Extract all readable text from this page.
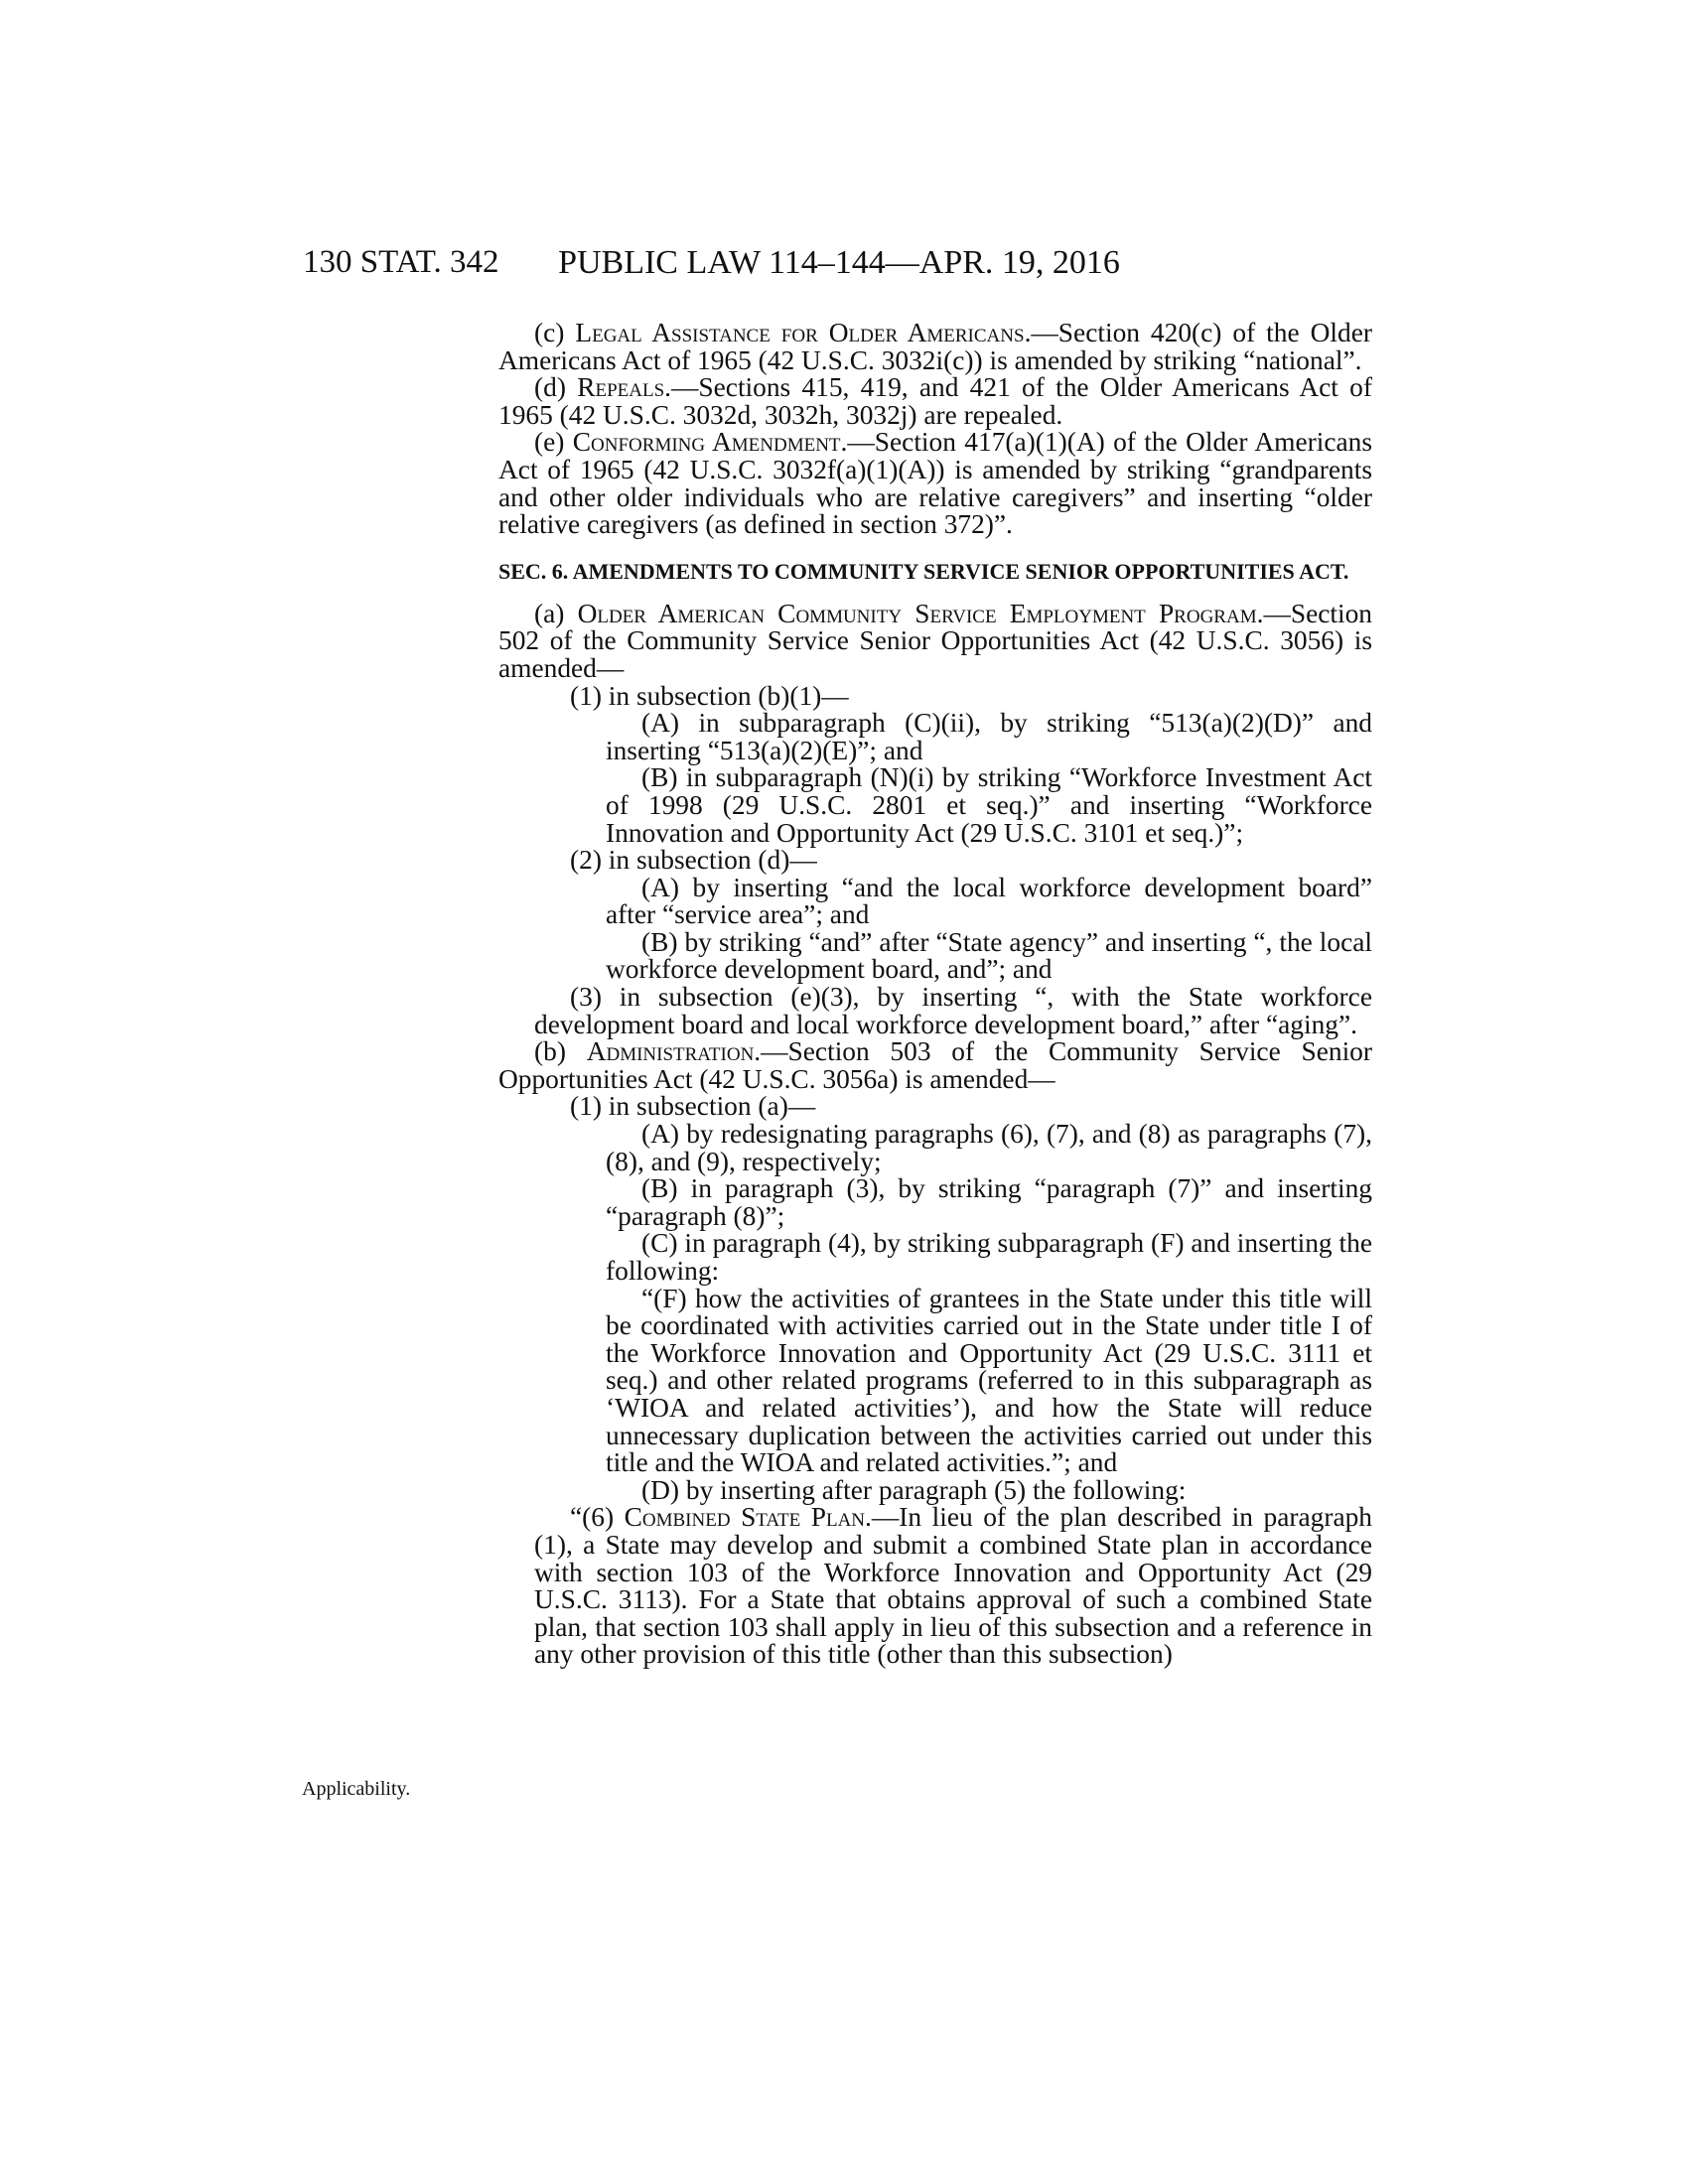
130 STAT. 342	PUBLIC LAW 114–144—APR. 19, 2016
Applicability.

(c) Legal Assistance for Older Americans.—Section 420(c) of the Older Americans Act of 1965 (42 U.S.C. 3032i(c)) is amended by striking “national”.

(d) Repeals.—Sections 415, 419, and 421 of the Older Americans Act of 1965 (42 U.S.C. 3032d, 3032h, 3032j) are repealed.

(e) Conforming Amendment.—Section 417(a)(1)(A) of the Older Americans Act of 1965 (42 U.S.C. 3032f(a)(1)(A)) is amended by striking “grandparents and other older individuals who are relative caregivers” and inserting “older relative caregivers (as defined in section 372)”.

SEC. 6. AMENDMENTS TO COMMUNITY SERVICE SENIOR OPPORTUNITIES ACT.

(a) Older American Community Service Employment Program.—Section 502 of the Community Service Senior Opportunities Act (42 U.S.C. 3056) is amended—

(1) in subsection (b)(1)—

(A) in subparagraph (C)(ii), by striking “513(a)(2)(D)” and inserting “513(a)(2)(E)”; and

(B) in subparagraph (N)(i) by striking “Workforce Investment Act of 1998 (29 U.S.C. 2801 et seq.)” and inserting “Workforce Innovation and Opportunity Act (29 U.S.C. 3101 et seq.)”;

(2) in subsection (d)—

(A) by inserting “and the local workforce development board” after “service area”; and

(B) by striking “and” after “State agency” and inserting “, the local workforce development board, and”; and

(3) in subsection (e)(3), by inserting “, with the State workforce development board and local workforce development board,” after “aging”.

(b) Administration.—Section 503 of the Community Service Senior Opportunities Act (42 U.S.C. 3056a) is amended—

(1) in subsection (a)—

(A) by redesignating paragraphs (6), (7), and (8) as paragraphs (7), (8), and (9), respectively;

(B) in paragraph (3), by striking “paragraph (7)” and inserting “paragraph (8)”;

(C) in paragraph (4), by striking subparagraph (F) and inserting the following:

“(F) how the activities of grantees in the State under this title will be coordinated with activities carried out in the State under title I of the Workforce Innovation and Opportunity Act (29 U.S.C. 3111 et seq.) and other related programs (referred to in this subparagraph as ‘WIOA and related activities’), and how the State will reduce unnecessary duplication between the activities carried out under this title and the WIOA and related activities.”; and

(D) by inserting after paragraph (5) the following:

“(6) Combined State Plan.—In lieu of the plan described in paragraph (1), a State may develop and submit a combined State plan in accordance with section 103 of the Workforce Innovation and Opportunity Act (29 U.S.C. 3113). For a State that obtains approval of such a combined State plan, that section 103 shall apply in lieu of this subsection and a reference in any other provision of this title (other than this subsection)
